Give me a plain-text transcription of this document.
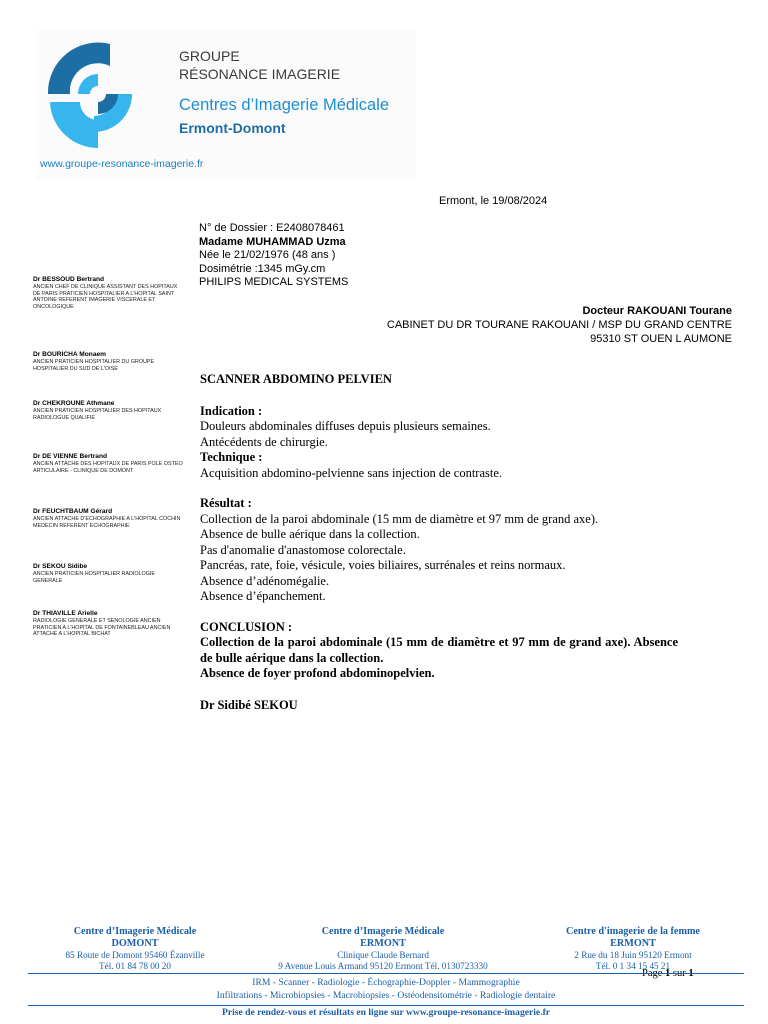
GROUPE
RÉSONANCE IMAGERIE
Centres d’Imagerie Médicale
Ermont-Domont
www.groupe-resonance-imagerie.fr
Ermont, le 19/08/2024
N° de Dossier : E2408078461
Madame MUHAMMAD Uzma
Née le 21/02/1976 (48 ans )
Dosimétrie :1345 mGy.cm
PHILIPS MEDICAL SYSTEMS
Docteur RAKOUANI Tourane
CABINET DU DR TOURANE RAKOUANI / MSP DU GRAND CENTRE
95310 ST OUEN L AUMONE
Dr BESSOUD Bertrand
ANCIEN CHEF DE CLINIQUE ASSISTANT DES HOPITAUX DE PARIS PRATICIEN HOSPITALIER A L'HOPITAL SAINT ANTOINE REFERENT IMAGERIE VISCERALE ET ONCOLOGIQUE
Dr BOURICHA Monaem
ANCIEN PRATICIEN HOSPITALIER DU GROUPE HOSPITALIER DU SUD DE L'OISE
Dr CHEKROUNE Athmane
ANCIEN PRATICIEN HOSPITALIER DES HOPITAUX RADIOLOGUE QUALIFIE
Dr DE VIENNE Bertrand
ANCIEN ATTACHE DES HOPITAUX DE PARIS POLE OSTEO ARTICULAIRE - CLINIQUE DE DOMONT
Dr FEUCHTBAUM Gérard
ANCIEN ATTACHE D'ECHOGRAPHIE A L'HOPITAL COCHIN MEDECIN REFERENT ECHOGRAPHIE
Dr SEKOU Sidibe
ANCIEN PRATICIEN HOSPITALIER RADIOLOGIE GENERALE
Dr THIAVILLE Arielle
RADIOLOGIE GENERALE ET SENOLOGIE ANCIEN PRATICIEN A L'HOPITAL DE FONTAINEBLEAU ANCIEN ATTACHE A L'HOPITAL BICHAT
SCANNER ABDOMINO PELVIEN
Indication :
Douleurs abdominales diffuses depuis plusieurs semaines.
Antécédents de chirurgie.
Technique :
Acquisition abdomino-pelvienne sans injection de contraste.
Résultat :
Collection de la paroi abdominale (15 mm de diamètre et 97 mm de grand axe).
Absence de bulle aérique dans la collection.
Pas d'anomalie d'anastomose colorectale.
Pancréas, rate, foie, vésicule, voies biliaires, surrénales et reins normaux.
Absence d’adénomégalie.
Absence d’épanchement.
CONCLUSION :
Collection de la paroi abdominale (15 mm de diamètre et 97 mm de grand axe). Absence de bulle aérique dans la collection.
Absence de foyer profond abdominopelvien.
Dr Sidibé SEKOU
Centre d’Imagerie Médicale
DOMONT
85 Route de Domont 95460 Ézanville
Tél. 01 84 78 00 20
Centre d’Imagerie Médicale
ERMONT
Clinique Claude Bernard
9 Avenue Louis Armand 95120 Ermont Tél. 0130723330
Centre d'imagerie de la femme
ERMONT
2 Rue du 18 Juin 95120 Ermont
Tél. 0 1 34 15 45 21
IRM - Scanner - Radiologie - Échographie-Doppler - Mammographie
Infiltrations - Microbiopsies - Macrobiopsies - Ostéodensitométrie - Radiologie dentaire
Prise de rendez-vous et résultats en ligne sur www.groupe-resonance-imagerie.fr
